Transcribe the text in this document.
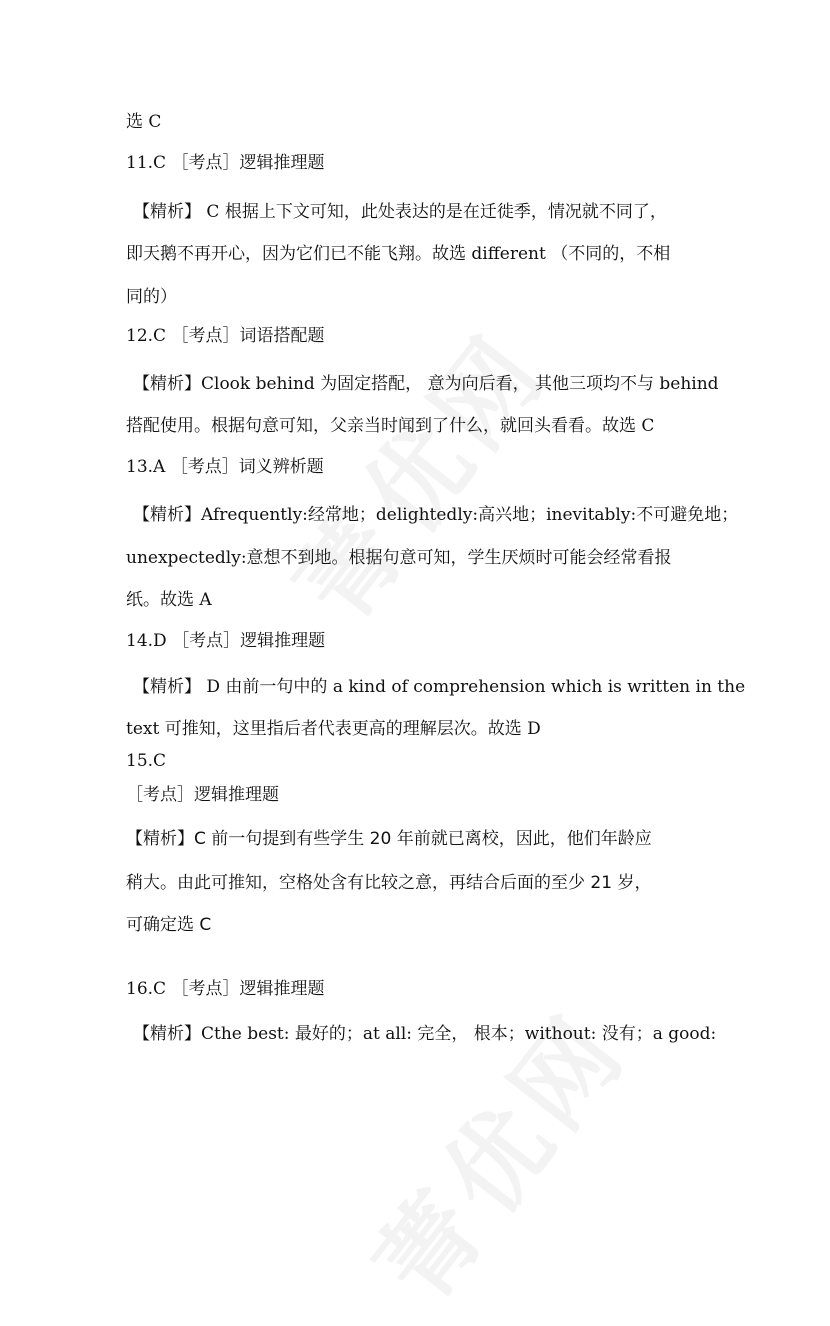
选 C
11.C ［考点］逻辑推理题
【精析】 C 根据上下文可知，此处表达的是在迁徙季，情况就不同了，
即天鹅不再开心，因为它们已不能飞翔。故选 different （不同的，不相
同的）
12.C ［考点］词语搭配题
【精析】Clook behind 为固定搭配， 意为向后看， 其他三项均不与 behind
搭配使用。根据句意可知，父亲当时闻到了什么，就回头看看。故选 C
13.A ［考点］词义辨析题
【精析】Afrequently:经常地；delightedly:高兴地；inevitably:不可避免地；
unexpectedly:意想不到地。根据句意可知，学生厌烦时可能会经常看报
纸。故选 A
14.D ［考点］逻辑推理题
【精析】 D 由前一句中的 a kind of comprehension which is written in the
text 可推知，这里指后者代表更高的理解层次。故选 D
15.C
［考点］逻辑推理题
【精析】C 前一句提到有些学生 20 年前就已离校，因此，他们年龄应
稍大。由此可推知，空格处含有比较之意，再结合后面的至少 21 岁，
可确定选 C
16.C ［考点］逻辑推理题
【精析】Cthe best: 最好的；at all: 完全， 根本；without: 没有；a good:
